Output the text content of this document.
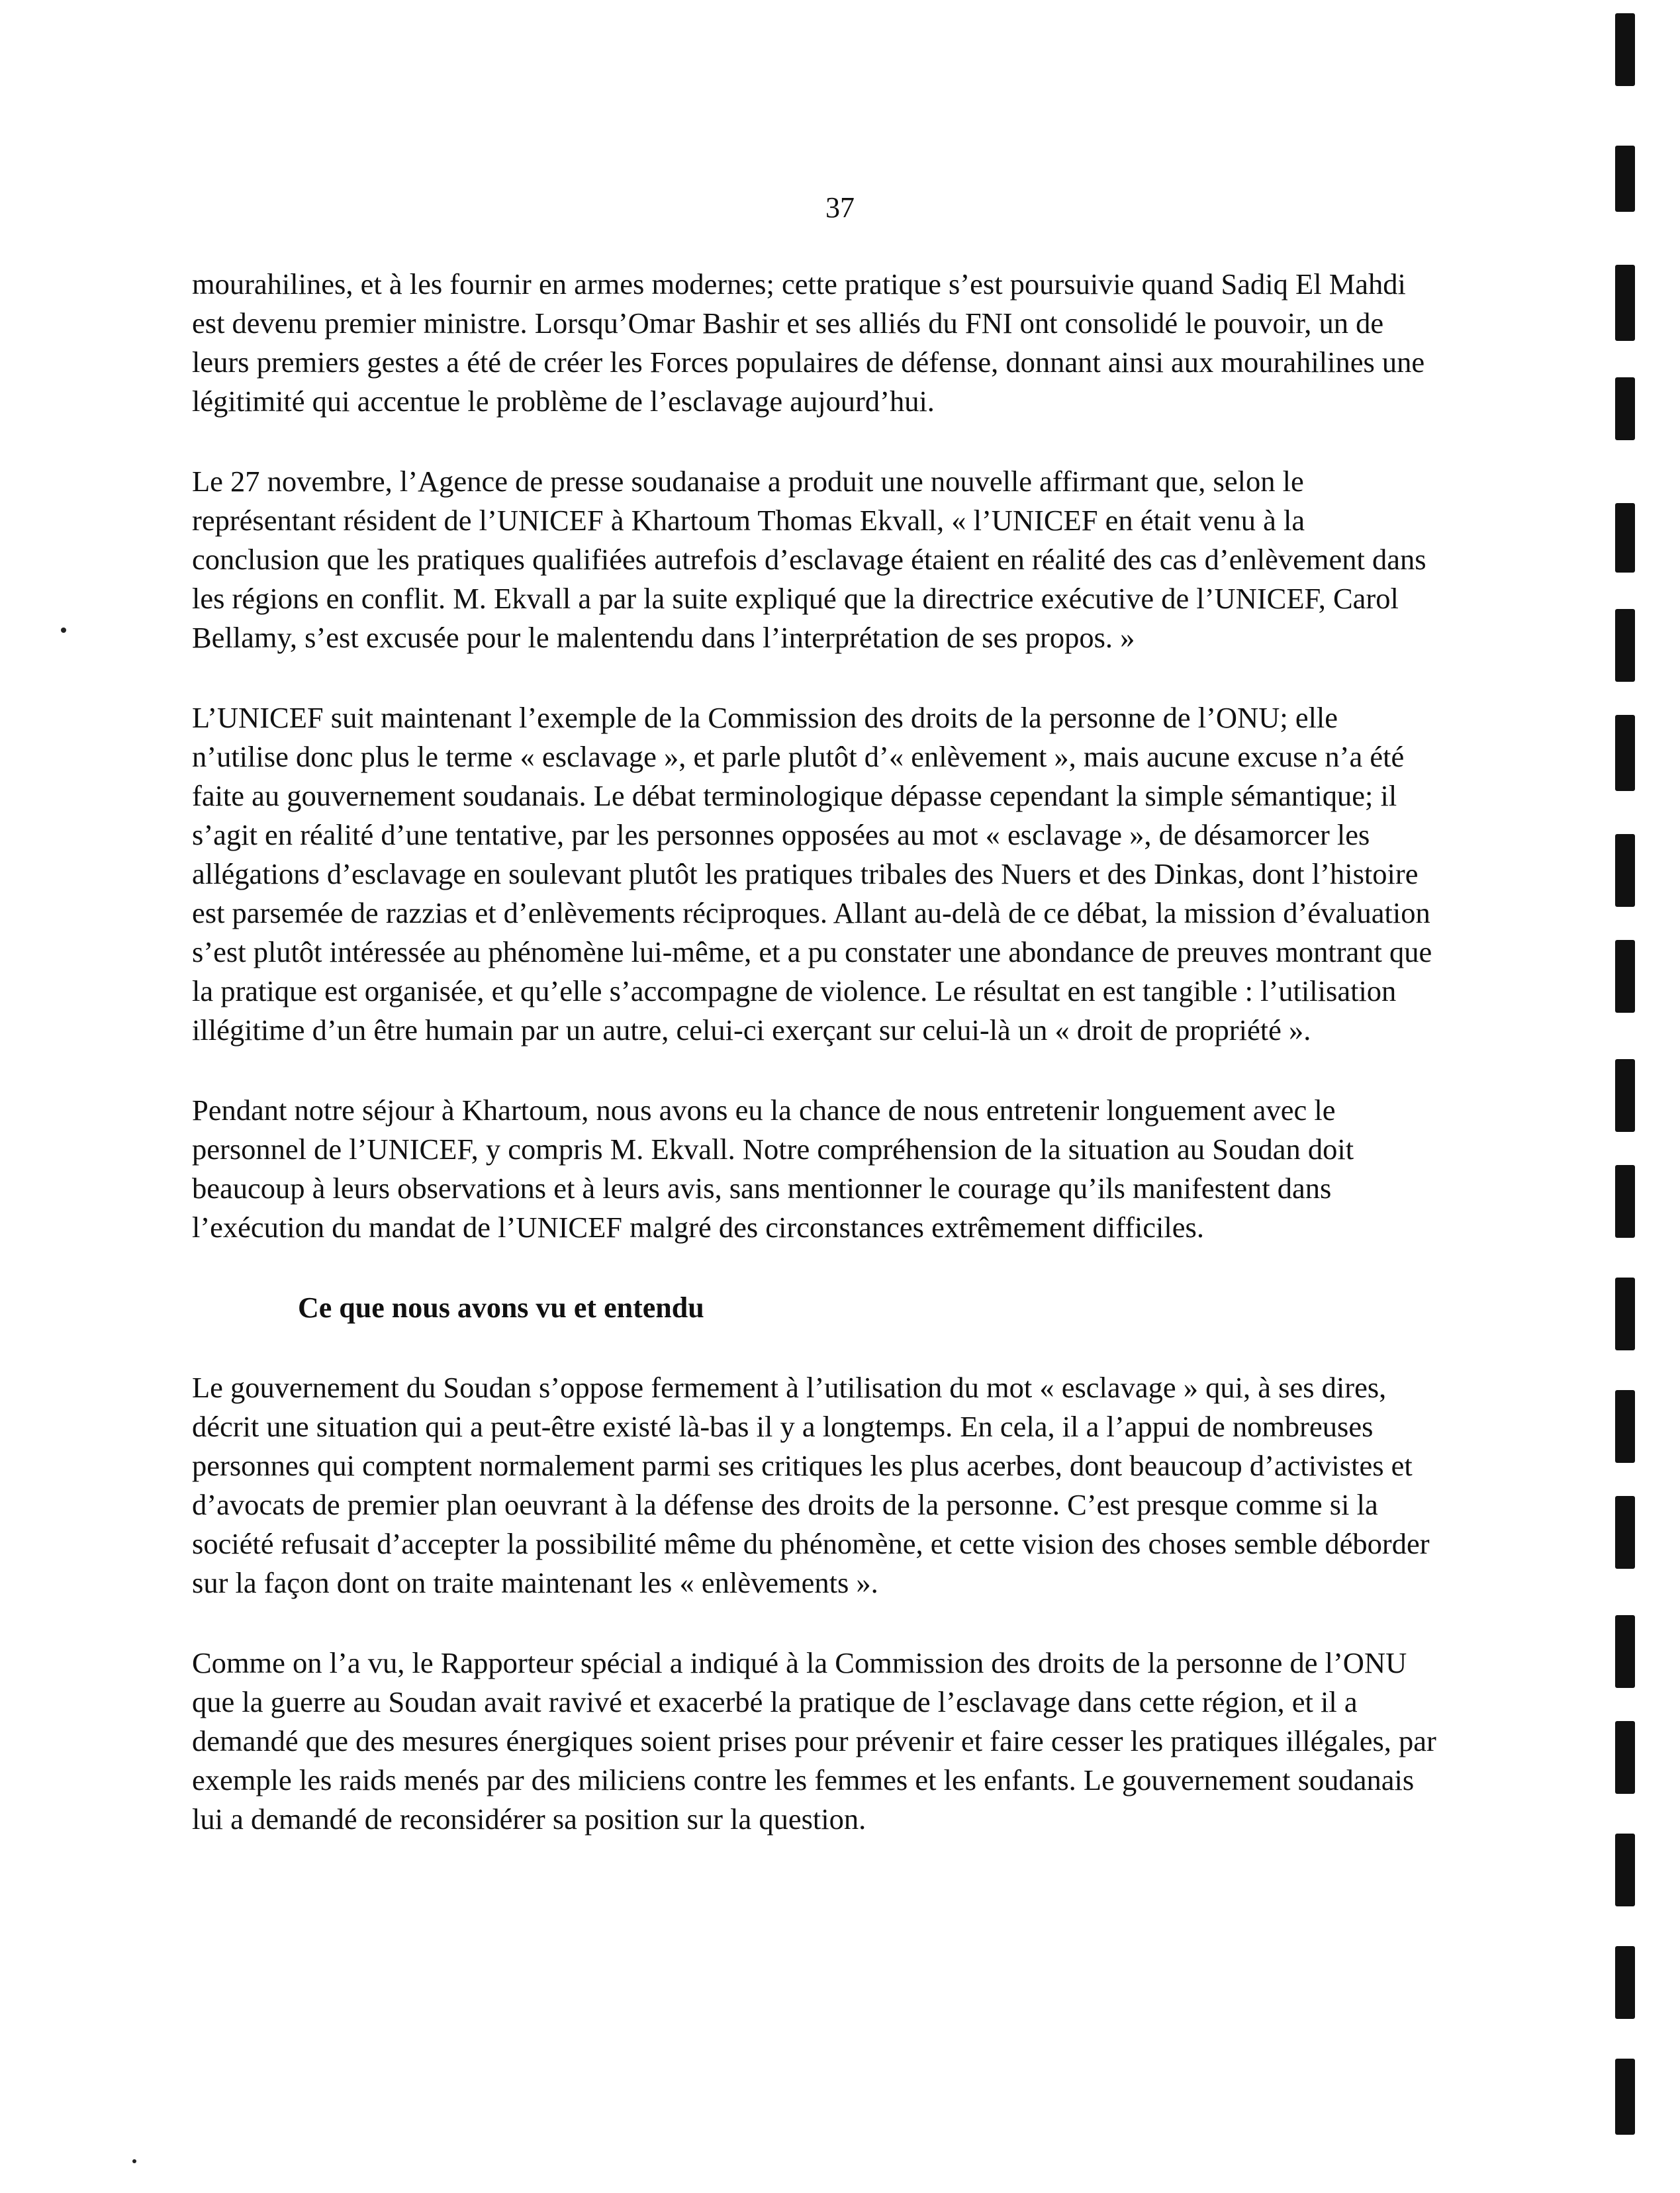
37

mourahilines, et à les fournir en armes modernes; cette pratique s’est poursuivie quand Sadiq El Mahdi est devenu premier ministre. Lorsqu’Omar Bashir et ses alliés du FNI ont consolidé le pouvoir, un de leurs premiers gestes a été de créer les Forces populaires de défense, donnant ainsi aux mourahilines une légitimité qui accentue le problème de l’esclavage aujourd’hui.

Le 27 novembre, l’Agence de presse soudanaise a produit une nouvelle affirmant que, selon le représentant résident de l’UNICEF à Khartoum Thomas Ekvall, « l’UNICEF en était venu à la conclusion que les pratiques qualifiées autrefois d’esclavage étaient en réalité des cas d’enlèvement dans les régions en conflit. M. Ekvall a par la suite expliqué que la directrice exécutive de l’UNICEF, Carol Bellamy, s’est excusée pour le malentendu dans l’interprétation de ses propos. »

L’UNICEF suit maintenant l’exemple de la Commission des droits de la personne de l’ONU; elle n’utilise donc plus le terme « esclavage », et parle plutôt d’« enlèvement », mais aucune excuse n’a été faite au gouvernement soudanais. Le débat terminologique dépasse cependant la simple sémantique; il s’agit en réalité d’une tentative, par les personnes opposées au mot « esclavage », de désamorcer les allégations d’esclavage en soulevant plutôt les pratiques tribales des Nuers et des Dinkas, dont l’histoire est parsemée de razzias et d’enlèvements réciproques. Allant au-delà de ce débat, la mission d’évaluation s’est plutôt intéressée au phénomène lui-même, et a pu constater une abondance de preuves montrant que la pratique est organisée, et qu’elle s’accompagne de violence. Le résultat en est tangible : l’utilisation illégitime d’un être humain par un autre, celui-ci exerçant sur celui-là un « droit de propriété ».

Pendant notre séjour à Khartoum, nous avons eu la chance de nous entretenir longuement avec le personnel de l’UNICEF, y compris M. Ekvall. Notre compréhension de la situation au Soudan doit beaucoup à leurs observations et à leurs avis, sans mentionner le courage qu’ils manifestent dans l’exécution du mandat de l’UNICEF malgré des circonstances extrêmement difficiles.

Ce que nous avons vu et entendu

Le gouvernement du Soudan s’oppose fermement à l’utilisation du mot « esclavage » qui, à ses dires, décrit une situation qui a peut-être existé là-bas il y a longtemps. En cela, il a l’appui de nombreuses personnes qui comptent normalement parmi ses critiques les plus acerbes, dont beaucoup d’activistes et d’avocats de premier plan oeuvrant à la défense des droits de la personne. C’est presque comme si la société refusait d’accepter la possibilité même du phénomène, et cette vision des choses semble déborder sur la façon dont on traite maintenant les « enlèvements ».

Comme on l’a vu, le Rapporteur spécial a indiqué à la Commission des droits de la personne de l’ONU que la guerre au Soudan avait ravivé et exacerbé la pratique de l’esclavage dans cette région, et il a demandé que des mesures énergiques soient prises pour prévenir et faire cesser les pratiques illégales, par exemple les raids menés par des miliciens contre les femmes et les enfants. Le gouvernement soudanais lui a demandé de reconsidérer sa position sur la question.
